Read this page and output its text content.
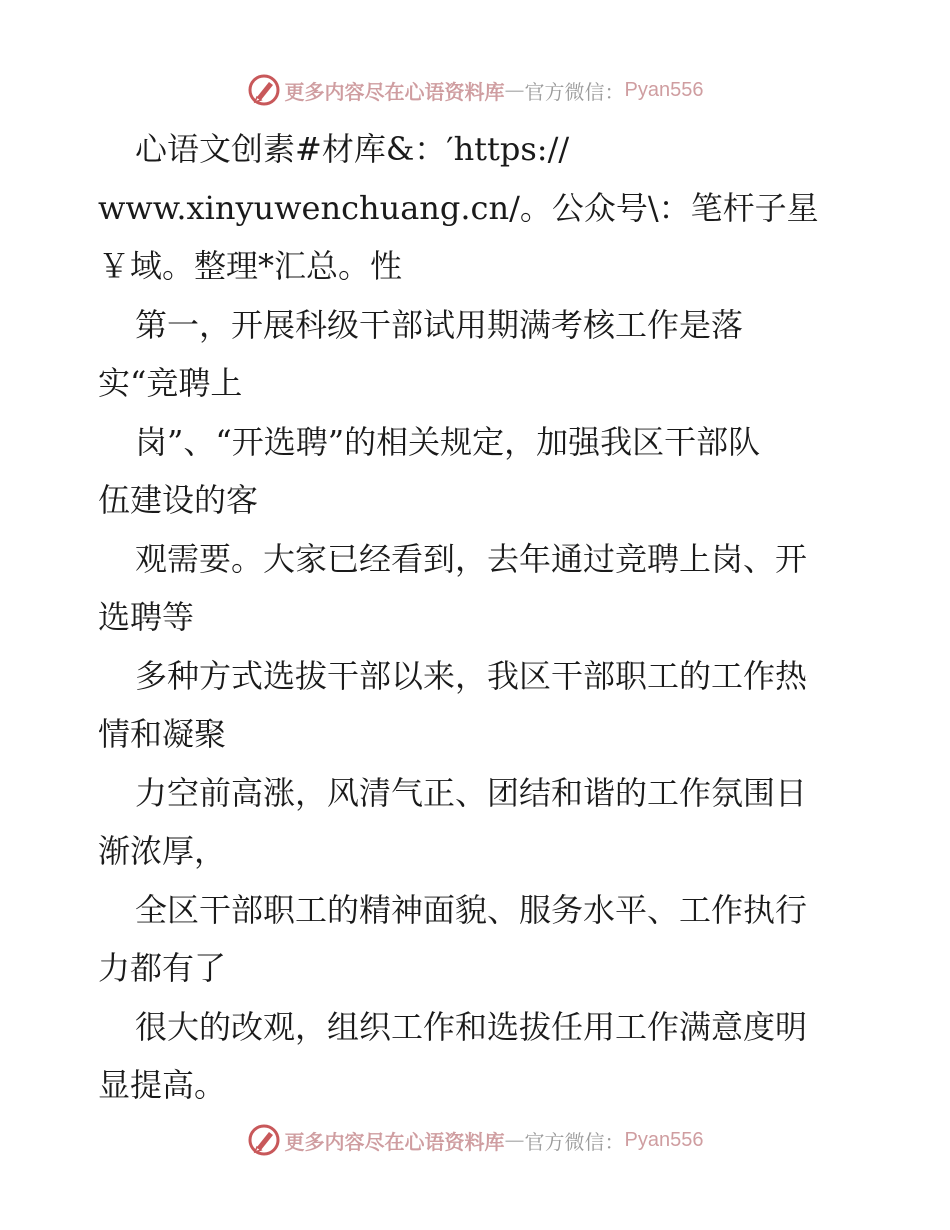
更多内容尽在心语资料库 — 官方微信 ： Pyan556
心语文创素#材库&：′https://
www.xinyuwenchuang.cn/。公众号\：笔杆子星
￥域。整理*汇总。性
第一，开展科级干部试用期满考核工作是落
实“竞聘上
岗”、“开选聘”的相关规定，加强我区干部队
伍建设的客
观需要。大家已经看到，去年通过竞聘上岗、开
选聘等
多种方式选拔干部以来，我区干部职工的工作热
情和凝聚
力空前高涨，风清气正、团结和谐的工作氛围日
渐浓厚，
全区干部职工的精神面貌、服务水平、工作执行
力都有了
很大的改观，组织工作和选拔任用工作满意度明
显提高。
更多内容尽在心语资料库 — 官方微信 ： Pyan556
